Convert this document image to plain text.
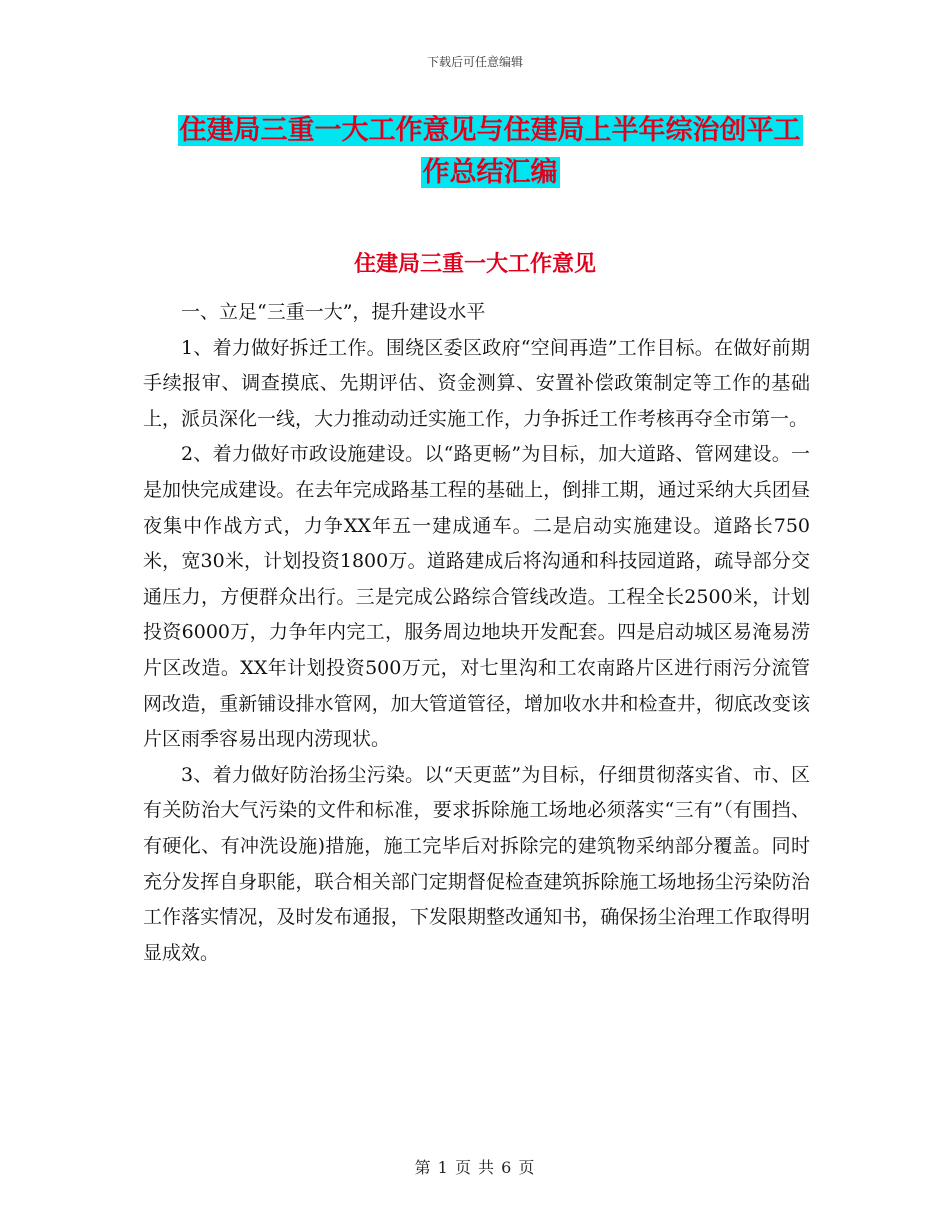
下载后可任意编辑
住建局三重一大工作意见与住建局上半年综治创平工
作总结汇编
住建局三重一大工作意见

一、立足“三重一大”，提升建设水平

1、着力做好拆迁工作。围绕区委区政府“空间再造”工作目标。在做好前期手续报审、调查摸底、先期评估、资金测算、安置补偿政策制定等工作的基础上，派员深化一线，大力推动动迁实施工作，力争拆迁工作考核再夺全市第一。

2、着力做好市政设施建设。以“路更畅”为目标，加大道路、管网建设。一是加快完成建设。在去年完成路基工程的基础上，倒排工期，通过采纳大兵团昼夜集中作战方式，力争XX年五一建成通车。二是启动实施建设。道路长750米，宽30米，计划投资1800万。道路建成后将沟通和科技园道路，疏导部分交通压力，方便群众出行。三是完成公路综合管线改造。工程全长2500米，计划投资6000万，力争年内完工，服务周边地块开发配套。四是启动城区易淹易涝片区改造。XX年计划投资500万元，对七里沟和工农南路片区进行雨污分流管网改造，重新铺设排水管网，加大管道管径，增加收水井和检查井，彻底改变该片区雨季容易出现内涝现状。

3、着力做好防治扬尘污染。以“天更蓝”为目标，仔细贯彻落实省、市、区有关防治大气污染的文件和标准，要求拆除施工场地必须落实“三有”（有围挡、有硬化、有冲洗设施)措施，施工完毕后对拆除完的建筑物采纳部分覆盖。同时充分发挥自身职能，联合相关部门定期督促检查建筑拆除施工场地扬尘污染防治工作落实情况，及时发布通报，下发限期整改通知书，确保扬尘治理工作取得明显成效。

第 1 页 共 6 页
